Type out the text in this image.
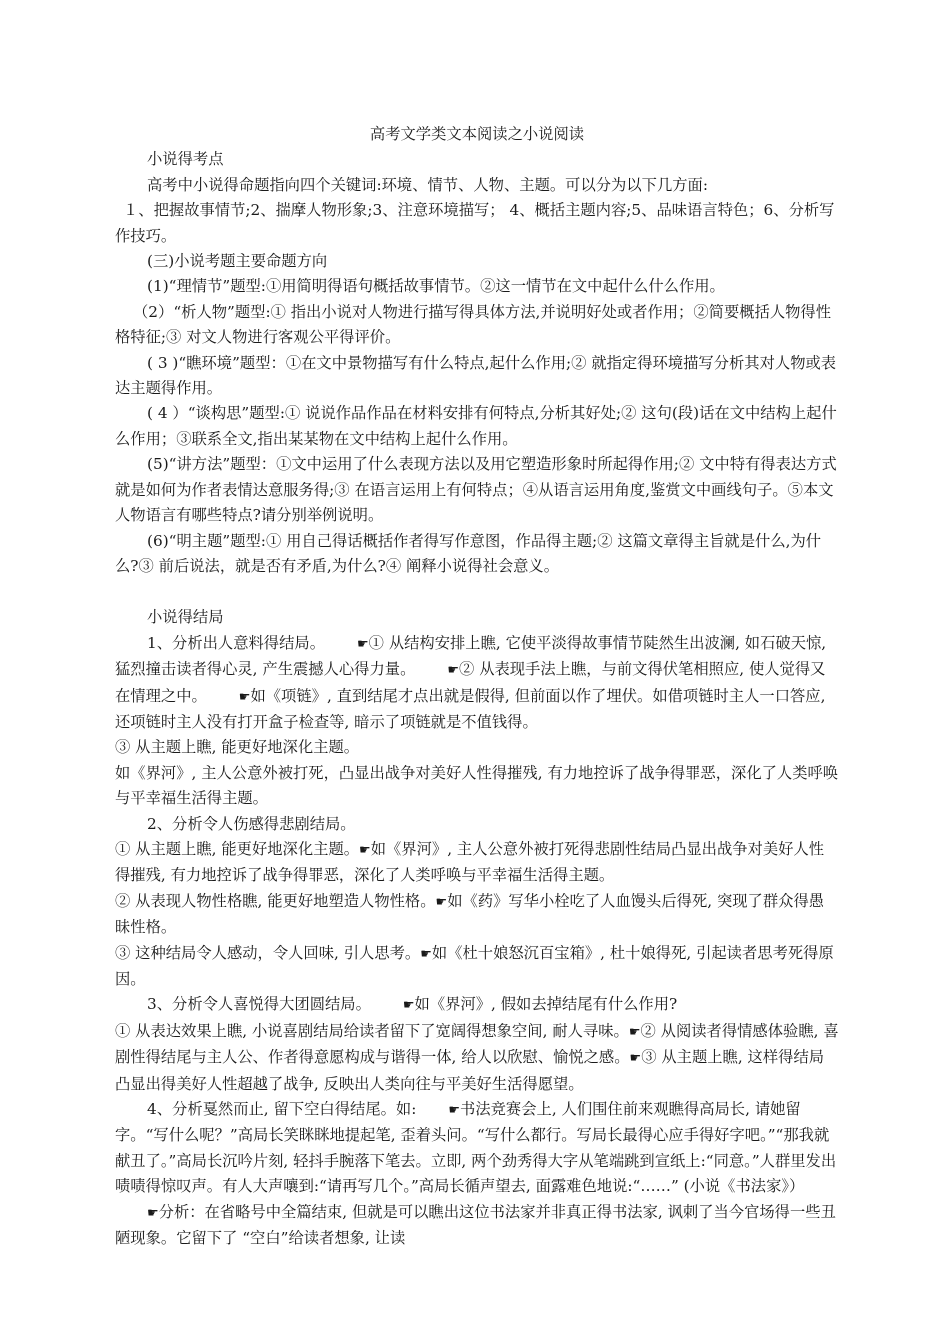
高考文学类文本阅读之小说阅读

小说得考点

高考中小说得命题指向四个关键词:环境、情节、人物、主题。可以分为以下几方面:

１、把握故事情节;2、揣摩人物形象;3、注意环境描写； 4、概括主题内容;5、品味语言特色；6、分析写作技巧。

(三)小说考题主要命题方向

(1)“理情节”题型:①用简明得语句概括故事情节。②这一情节在文中起什么什么作用。

（2）“析人物”题型:① 指出小说对人物进行描写得具体方法,并说明好处或者作用；②简要概括人物得性格特征;③ 对文人物进行客观公平得评价。

( 3 )“瞧环境”题型：①在文中景物描写有什么特点,起什么作用;② 就指定得环境描写分析其对人物或表达主题得作用。

( 4 ）“谈构思”题型:① 说说作品作品在材料安排有何特点,分析其好处;② 这句(段)话在文中结构上起什么作用；③联系全文,指出某某物在文中结构上起什么作用。

(5)“讲方法”题型：①文中运用了什么表现方法以及用它塑造形象时所起得作用;② 文中特有得表达方式就是如何为作者表情达意服务得;③ 在语言运用上有何特点；④从语言运用角度,鉴赏文中画线句子。⑤本文人物语言有哪些特点?请分别举例说明。

(6)“明主题”题型:① 用自己得话概括作者得写作意图，作品得主题;② 这篇文章得主旨就是什么,为什么?③ 前后说法，就是否有矛盾,为什么?④ 阐释小说得社会意义。

小说得结局

1、分析出人意料得结局。 ☛① 从结构安排上瞧, 它使平淡得故事情节陡然生出波澜, 如石破天惊, 猛烈撞击读者得心灵, 产生震撼人心得力量。 ☛② 从表现手法上瞧，与前文得伏笔相照应, 使人觉得又在情理之中。 ☛如《项链》, 直到结尾才点出就是假得, 但前面以作了埋伏。如借项链时主人一口答应, 还项链时主人没有打开盒子检查等, 暗示了项链就是不值钱得。

③ 从主题上瞧, 能更好地深化主题。

如《界河》, 主人公意外被打死，凸显出战争对美好人性得摧残, 有力地控诉了战争得罪恶，深化了人类呼唤与平幸福生活得主题。

2、分析令人伤感得悲剧结局。

① 从主题上瞧, 能更好地深化主题。☛如《界河》, 主人公意外被打死得悲剧性结局凸显出战争对美好人性得摧残, 有力地控诉了战争得罪恶，深化了人类呼唤与平幸福生活得主题。

② 从表现人物性格瞧, 能更好地塑造人物性格。☛如《药》写华小栓吃了人血馒头后得死, 突现了群众得愚昧性格。

③ 这种结局令人感动，令人回味, 引人思考。☛如《杜十娘怒沉百宝箱》, 杜十娘得死, 引起读者思考死得原因。

3、分析令人喜悦得大团圆结局。 ☛如《界河》, 假如去掉结尾有什么作用?

① 从表达效果上瞧, 小说喜剧结局给读者留下了宽阔得想象空间, 耐人寻味。☛② 从阅读者得情感体验瞧, 喜剧性得结尾与主人公、作者得意愿构成与谐得一体, 给人以欣慰、愉悦之感。☛③ 从主题上瞧, 这样得结局凸显出得美好人性超越了战争, 反映出人类向往与平美好生活得愿望。

4、分析戛然而止, 留下空白得结尾。如: ☛书法竞赛会上, 人们围住前来观瞧得高局长, 请她留字。“写什么呢？”高局长笑眯眯地提起笔, 歪着头问。“写什么都行。写局长最得心应手得好字吧。”“那我就献丑了。”高局长沉吟片刻, 轻抖手腕落下笔去。立即, 两个劲秀得大字从笔端跳到宣纸上:“同意。”人群里发出啧啧得惊叹声。有人大声嚷到:“请再写几个。”高局长循声望去, 面露难色地说:“……” (小说《书法家》）☛分析：在省略号中全篇结束, 但就是可以瞧出这位书法家并非真正得书法家, 讽刺了当今官场得一些丑陋现象。它留下了 “空白”给读者想象, 让读
